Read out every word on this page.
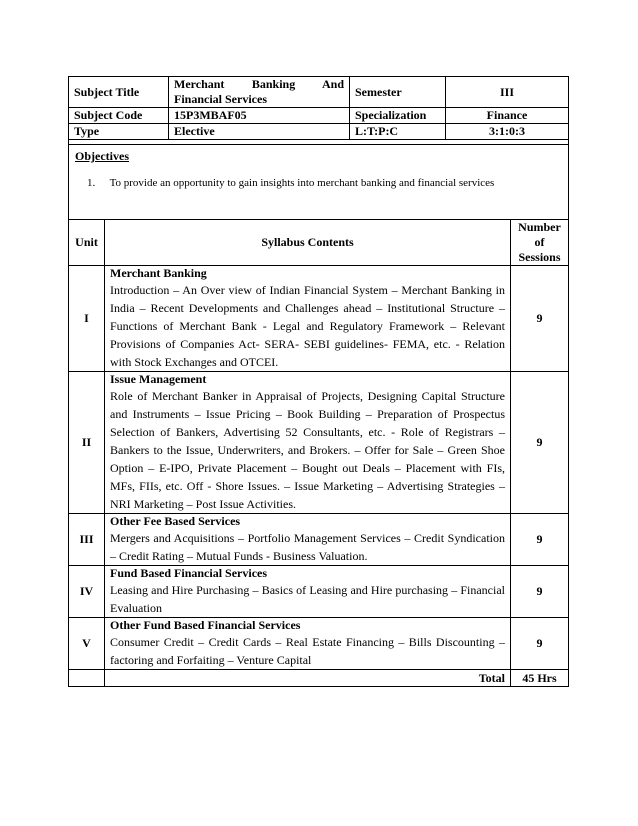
Subject Title	Merchant Banking And Financial Services	Semester	III
Subject Code	15P3MBAF05	Specialization	Finance
Type	Elective	L:T:P:C	3:1:0:3

Objectives
1. To provide an opportunity to gain insights into merchant banking and financial services			
Unit	Syllabus Contents	Number of Sessions
I	Merchant Banking
Introduction – An Over view of Indian Financial System – Merchant Banking in India – Recent Developments and Challenges ahead – Institutional Structure – Functions of Merchant Bank - Legal and Regulatory Framework – Relevant Provisions of Companies Act- SERA- SEBI guidelines- FEMA, etc. - Relation with Stock Exchanges and OTCEI.	9
II	Issue Management
Role of Merchant Banker in Appraisal of Projects, Designing Capital Structure and Instruments – Issue Pricing – Book Building – Preparation of Prospectus Selection of Bankers, Advertising 52 Consultants, etc. - Role of Registrars –Bankers to the Issue, Underwriters, and Brokers. – Offer for Sale – Green Shoe Option – E-IPO, Private Placement – Bought out Deals – Placement with FIs, MFs, FIIs, etc. Off - Shore Issues. – Issue Marketing – Advertising Strategies – NRI Marketing – Post Issue Activities.	9
III	Other Fee Based Services
Mergers and Acquisitions – Portfolio Management Services – Credit Syndication – Credit Rating – Mutual Funds - Business Valuation.	9
IV	Fund Based Financial Services
Leasing and Hire Purchasing – Basics of Leasing and Hire purchasing – Financial Evaluation	9
V	Other Fund Based Financial Services
Consumer Credit – Credit Cards – Real Estate Financing – Bills Discounting – factoring and Forfaiting – Venture Capital	9
	Total	45 Hrs
